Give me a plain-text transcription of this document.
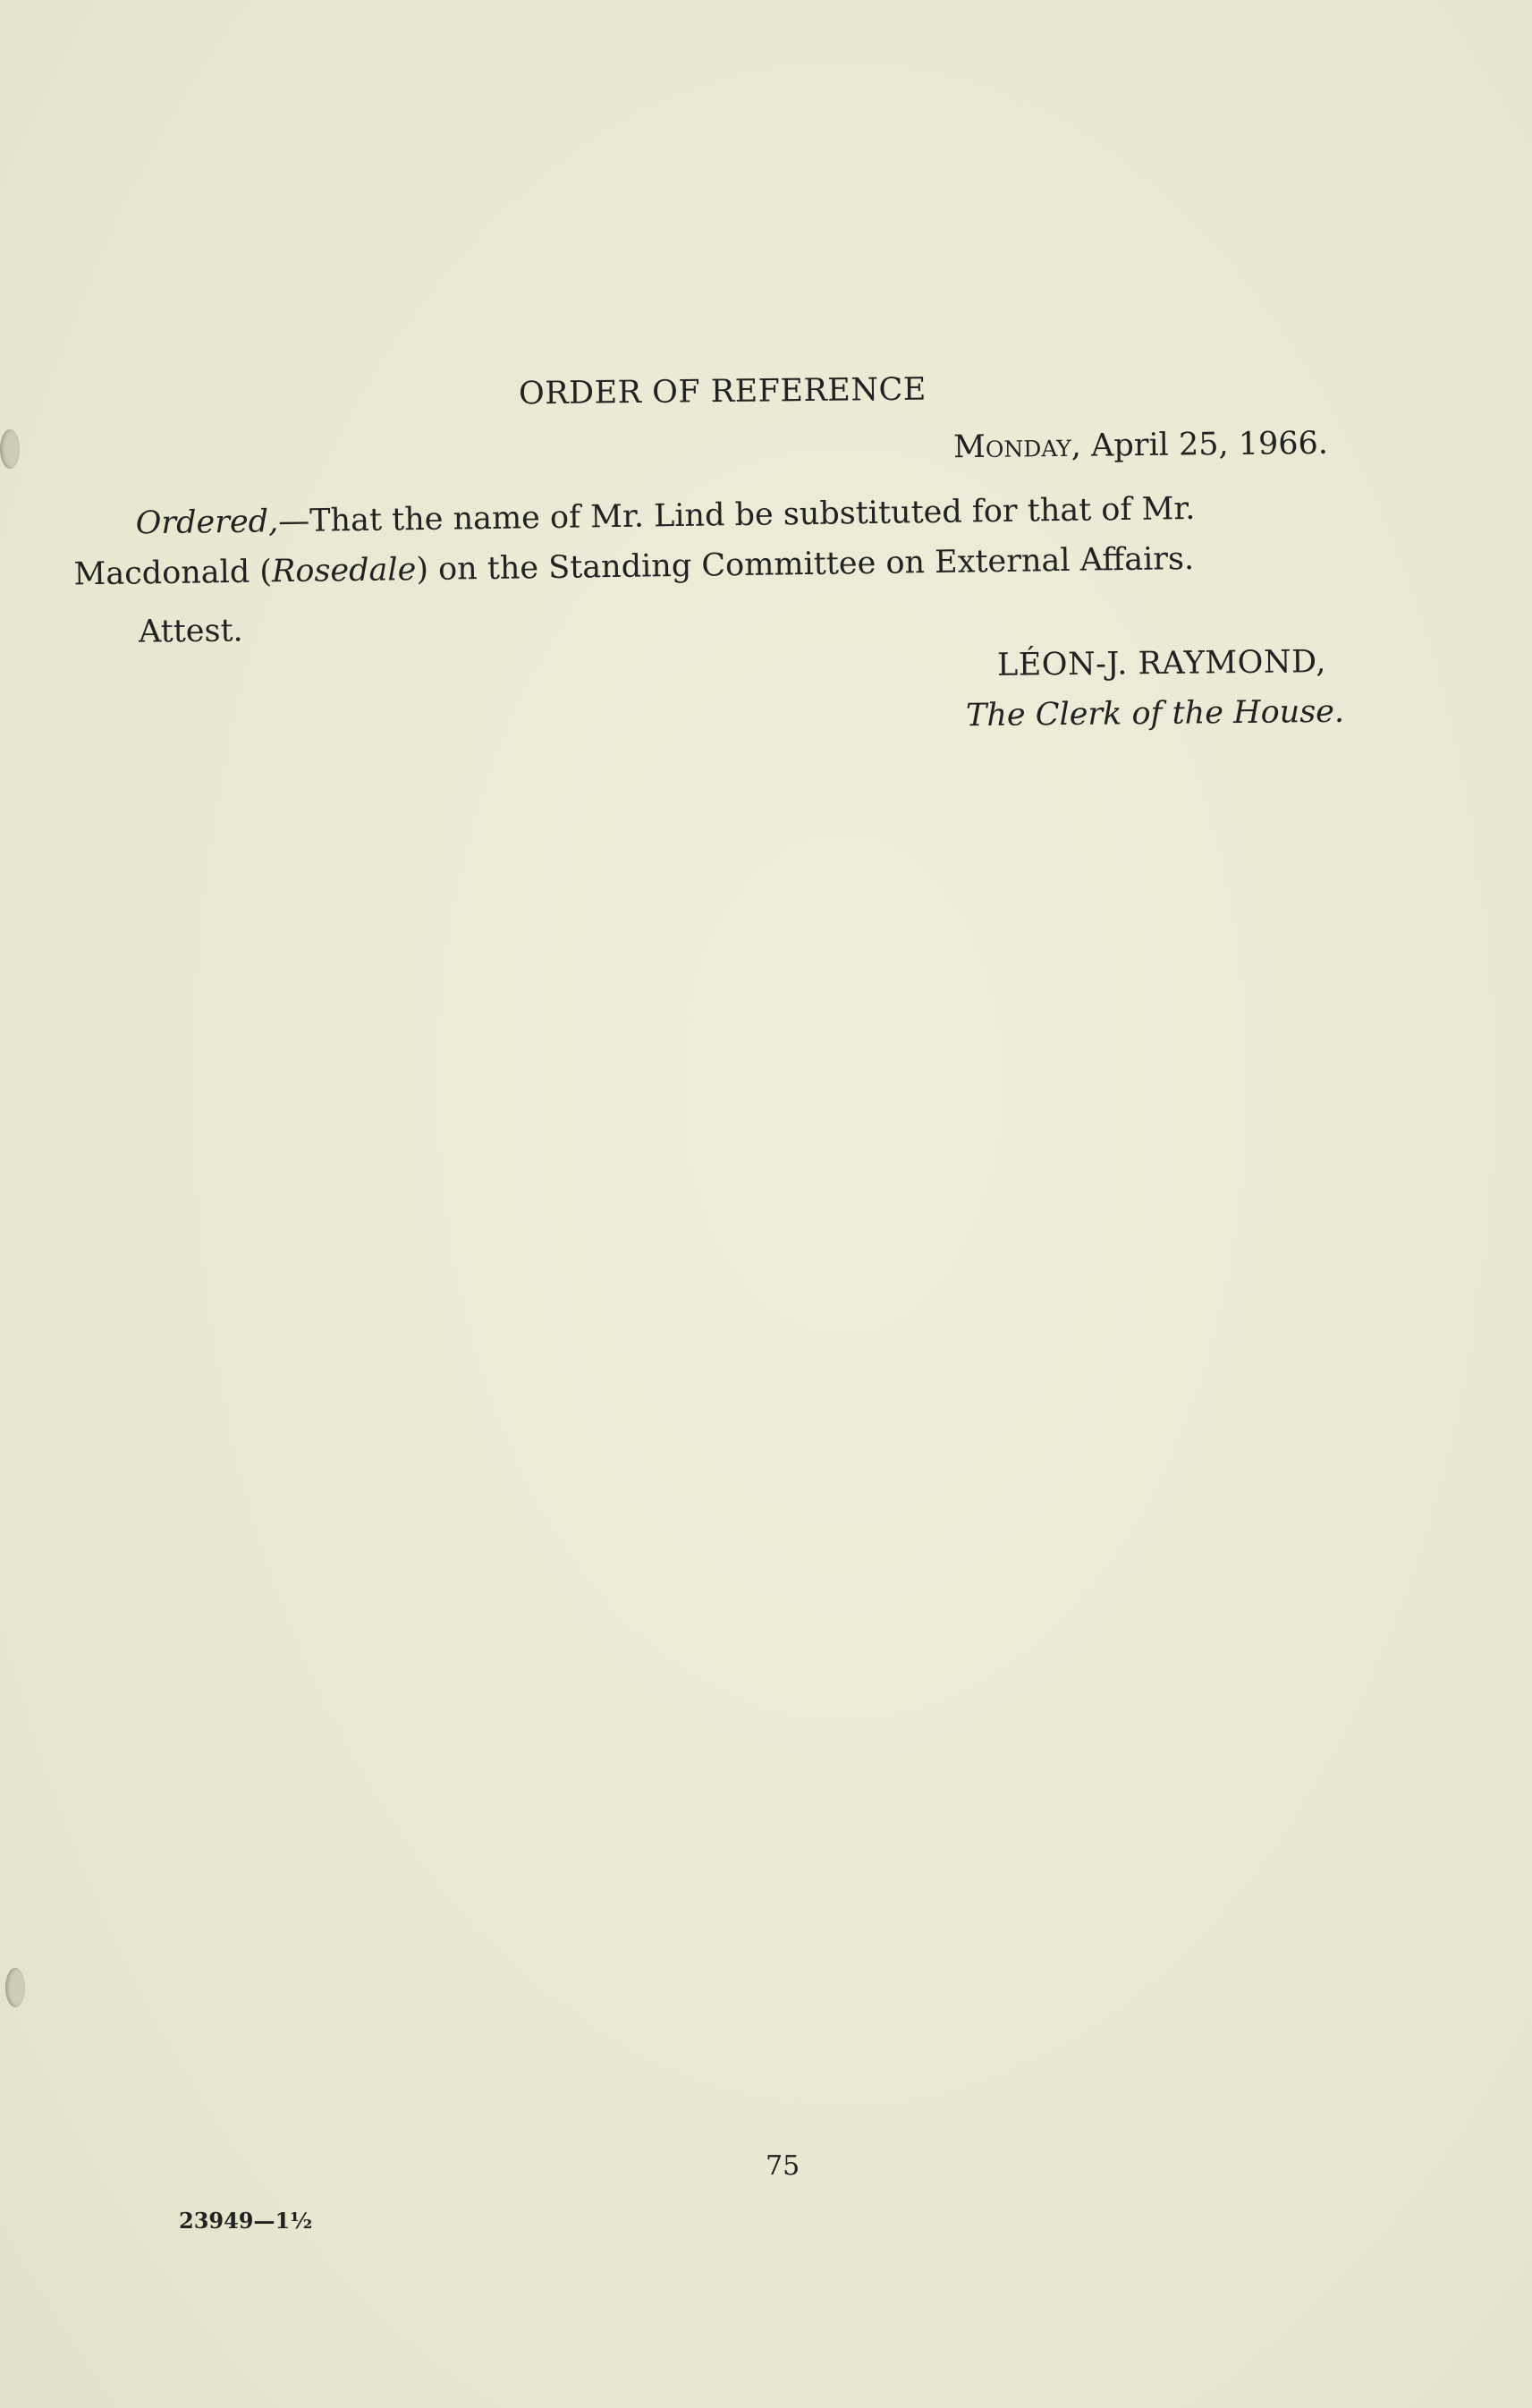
ORDER OF REFERENCE
Monday, April 25, 1966.
Ordered,—That the name of Mr. Lind be substituted for that of Mr.
Macdonald (Rosedale) on the Standing Committee on External Affairs.
Attest.
LÉON-J. RAYMOND,
The Clerk of the House.
75
23949—1½
